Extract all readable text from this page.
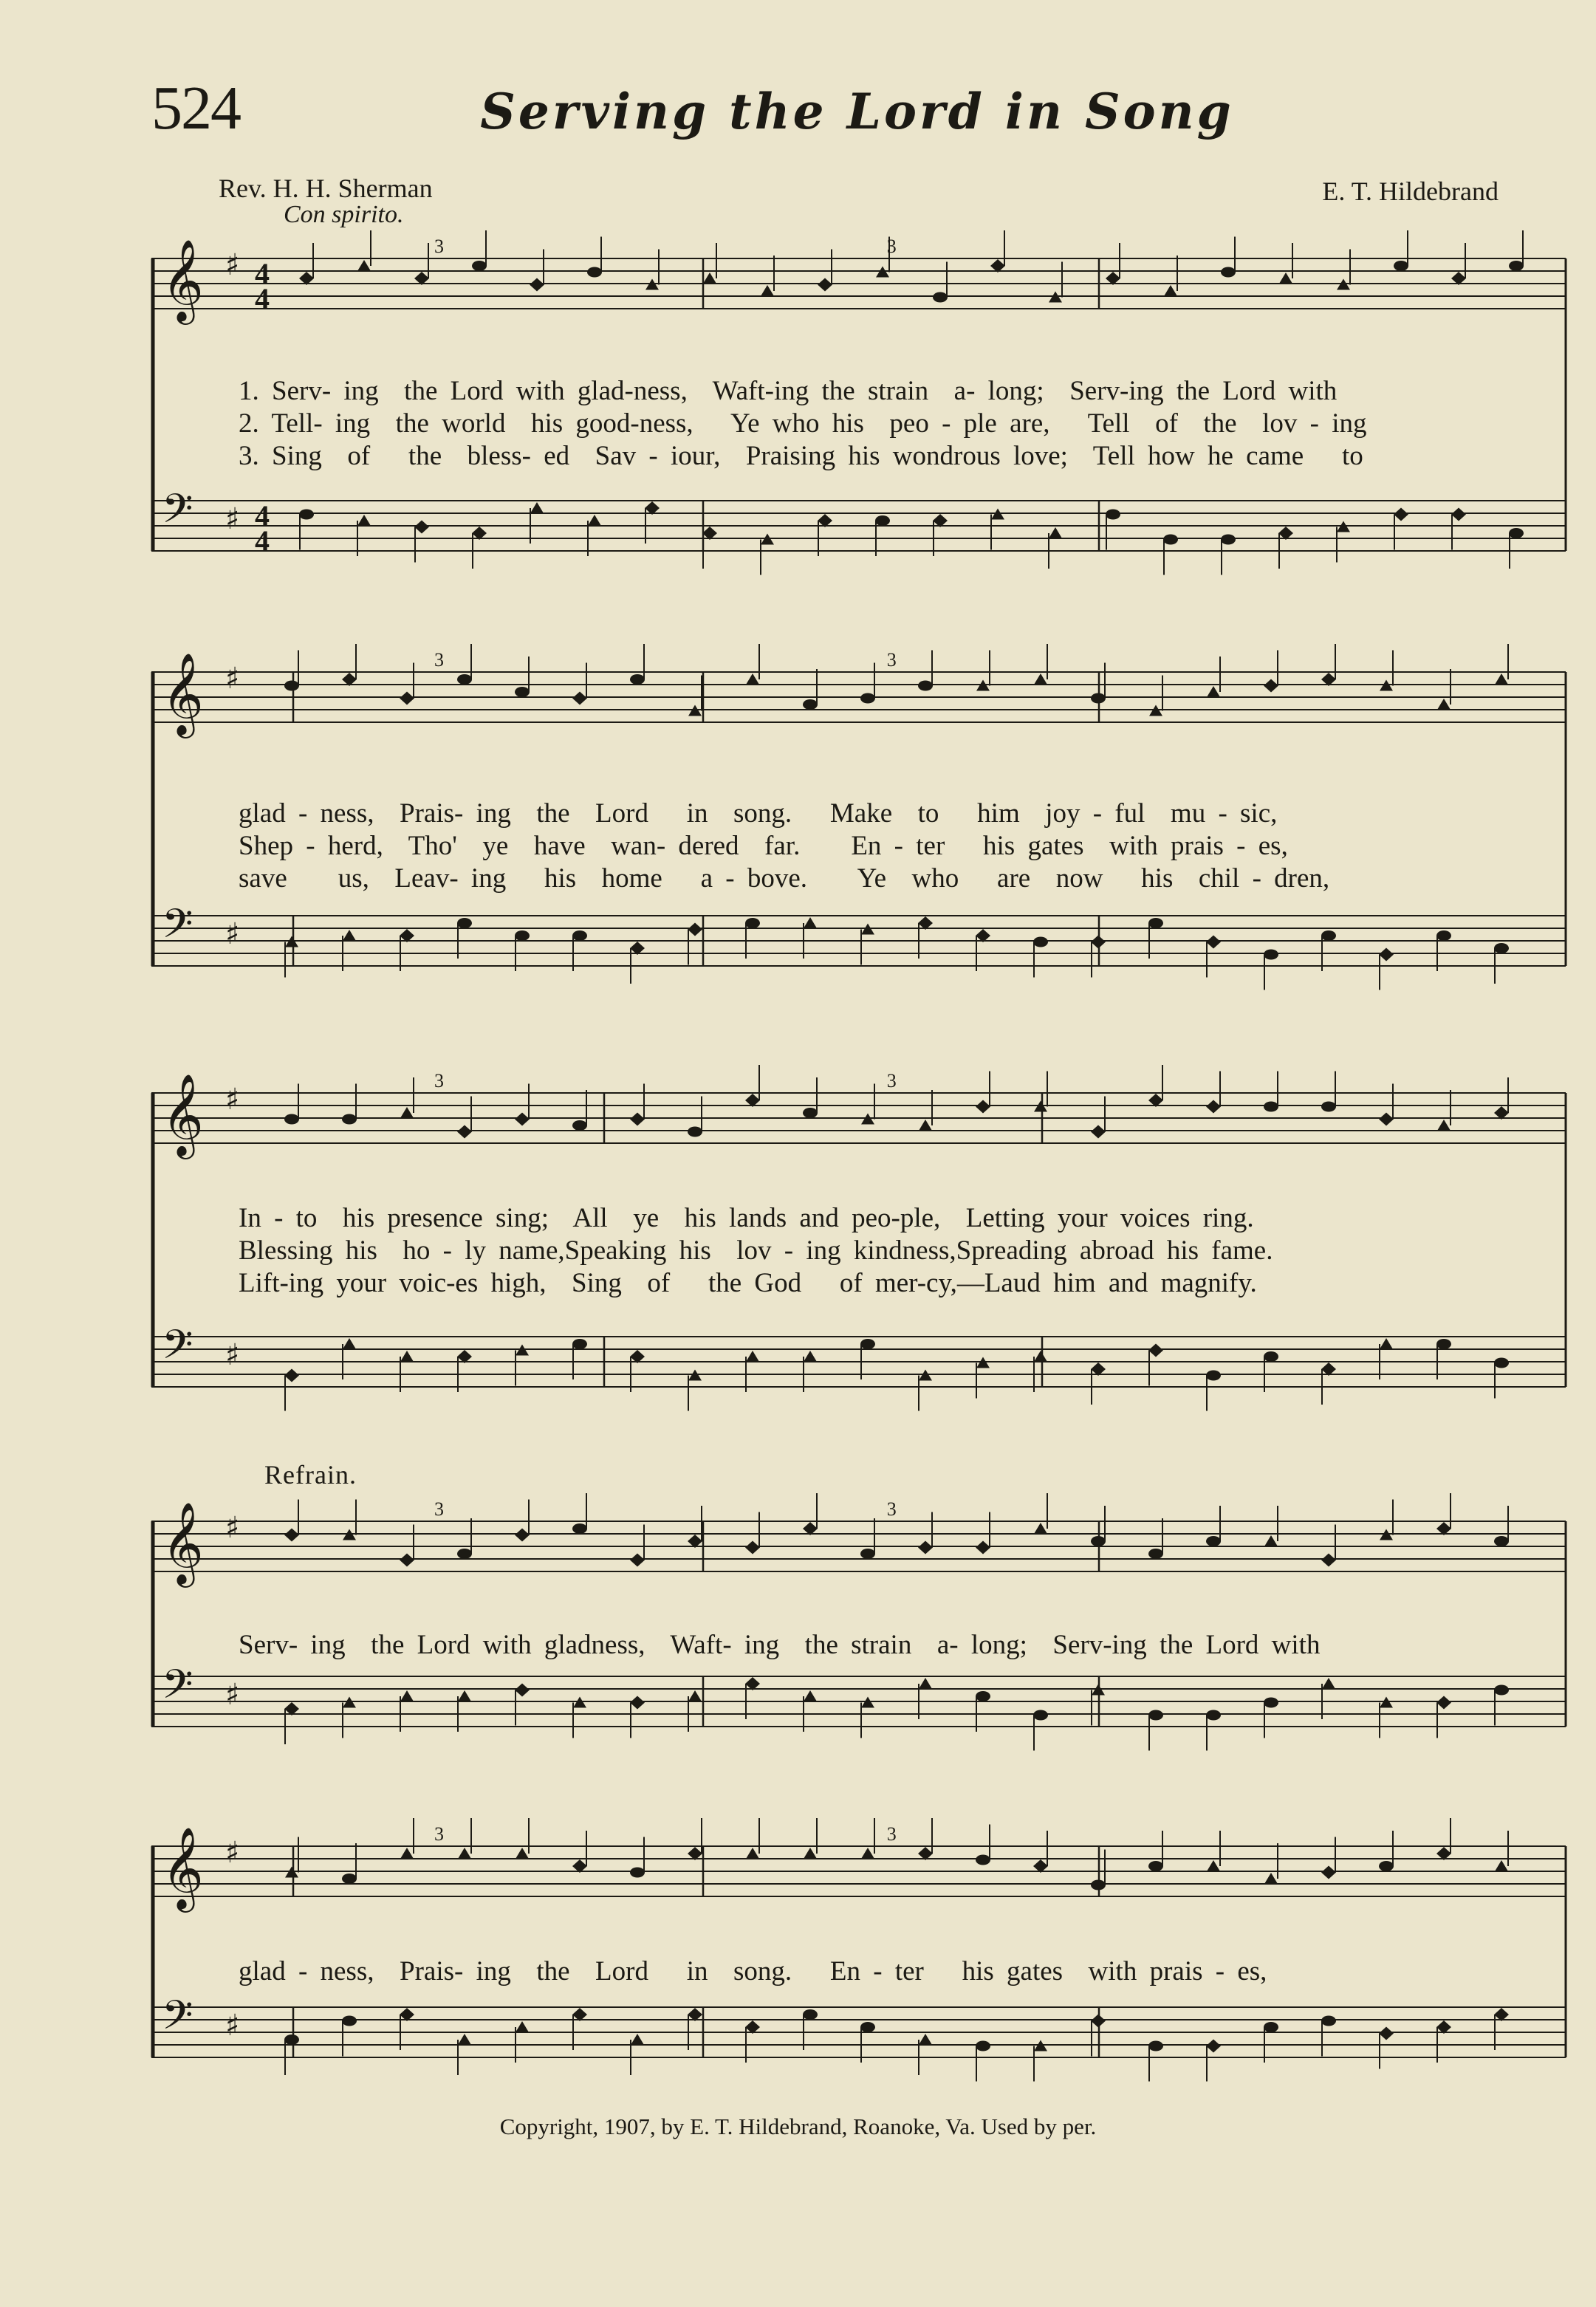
524	Serving the Lord in Song
Rev. H. H. Sherman	E. T. Hildebrand
Con spirito.
Refrain.
𝄞 ♯
𝄢 ♯
4
4
4
4
3	3
1. Serv- ing  the Lord with glad-ness,  Waft-ing the strain  a- long;  Serv-ing the Lord with
2. Tell- ing  the world  his good-ness,   Ye who his  peo - ple are,   Tell  of  the  lov - ing
3. Sing  of   the  bless- ed  Sav - iour,  Praising his wondrous love;  Tell how he came   to
𝄞 ♯
𝄢 ♯
3	3
glad - ness,  Prais- ing  the  Lord   in  song.   Make  to   him  joy - ful  mu - sic,
Shep - herd,  Tho'  ye  have  wan- dered  far.    En - ter   his gates  with prais - es,
save    us,  Leav- ing   his  home   a - bove.    Ye  who   are  now   his  chil - dren,
𝄞 ♯
𝄢 ♯
3	3
In - to  his presence sing;  All  ye  his lands and peo-ple,  Letting your voices ring.
Blessing his  ho - ly name,Speaking his  lov - ing kindness,Spreading abroad his fame.
Lift-ing your voic-es high,  Sing  of   the God   of mer-cy,—Laud him and magnify.
𝄞 ♯
𝄢 ♯
3	3
Serv- ing  the Lord with gladness,  Waft- ing  the strain  a- long;  Serv-ing the Lord with
𝄞 ♯
𝄢 ♯
3	3
glad - ness,  Prais- ing  the  Lord   in  song.   En - ter   his gates  with prais - es,
Copyright, 1907, by E. T. Hildebrand, Roanoke, Va. Used by per.
